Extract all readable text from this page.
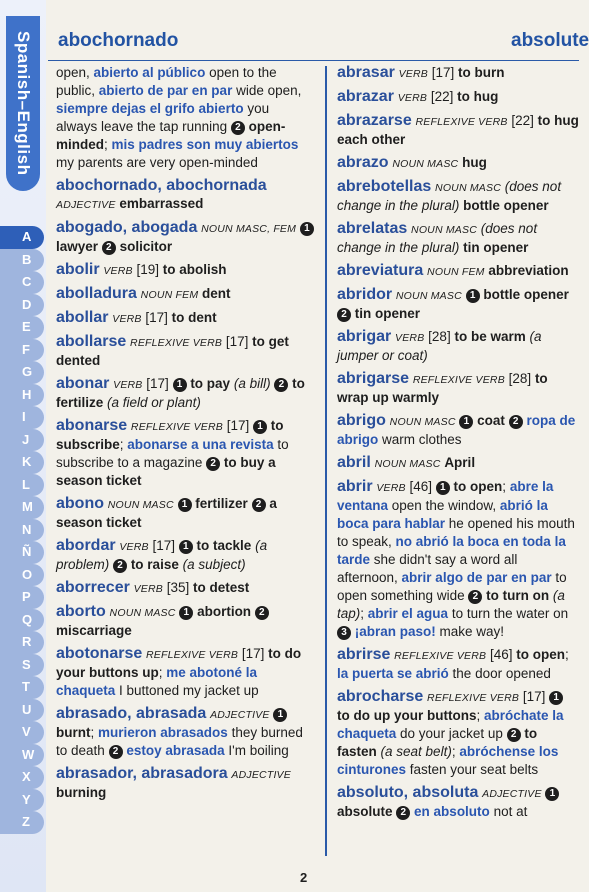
Spanish–English
A
B
C
D
E
F
G
H
I
J
K
L
M
N
Ñ
O
P
Q
R
S
T
U
V
W
X
Y
Z
abochornado	absolute
open, abierto al público open to the public, abierto de par en par wide open, siempre dejas el grifo abierto you always leave the tap running 2 open-minded; mis padres son muy abiertos my parents are very open-minded
abochornado, abochornada ADJECTIVE embarrassed
abogado, abogada NOUN MASC, FEM 1 lawyer 2 solicitor
abolir VERB [19] to abolish
abolladura NOUN FEM dent
abollar VERB [17] to dent
abollarse REFLEXIVE VERB [17] to get dented
abonar VERB [17] 1 to pay (a bill) 2 to fertilize (a field or plant)
abonarse REFLEXIVE VERB [17] 1 to subscribe; abonarse a una revista to subscribe to a magazine 2 to buy a season ticket
abono NOUN MASC 1 fertilizer 2 a season ticket
abordar VERB [17] 1 to tackle (a problem) 2 to raise (a subject)
aborrecer VERB [35] to detest
aborto NOUN MASC 1 abortion 2 miscarriage
abotonarse REFLEXIVE VERB [17] to do your buttons up; me abotoné la chaqueta I buttoned my jacket up
abrasado, abrasada ADJECTIVE 1 burnt; murieron abrasados they burned to death 2 estoy abrasada I'm boiling
abrasador, abrasadora ADJECTIVE burning
abrasar VERB [17] to burn
abrazar VERB [22] to hug
abrazarse REFLEXIVE VERB [22] to hug each other
abrazo NOUN MASC hug
abrebotellas NOUN MASC (does not change in the plural) bottle opener
abrelatas NOUN MASC (does not change in the plural) tin opener
abreviatura NOUN FEM abbreviation
abridor NOUN MASC 1 bottle opener 2 tin opener
abrigar VERB [28] to be warm (a jumper or coat)
abrigarse REFLEXIVE VERB [28] to wrap up warmly
abrigo NOUN MASC 1 coat 2 ropa de abrigo warm clothes
abril NOUN MASC April
abrir VERB [46] 1 to open; abre la ventana open the window, abrió la boca para hablar he opened his mouth to speak, no abrió la boca en toda la tarde she didn't say a word all afternoon, abrir algo de par en par to open something wide 2 to turn on (a tap); abrir el agua to turn the water on 3 ¡abran paso! make way!
abrirse REFLEXIVE VERB [46] to open; la puerta se abrió the door opened
abrocharse REFLEXIVE VERB [17] 1 to do up your buttons; abróchate la chaqueta do your jacket up 2 to fasten (a seat belt); abróchense los cinturones fasten your seat belts
absoluto, absoluta ADJECTIVE 1 absolute 2 en absoluto not at
2
